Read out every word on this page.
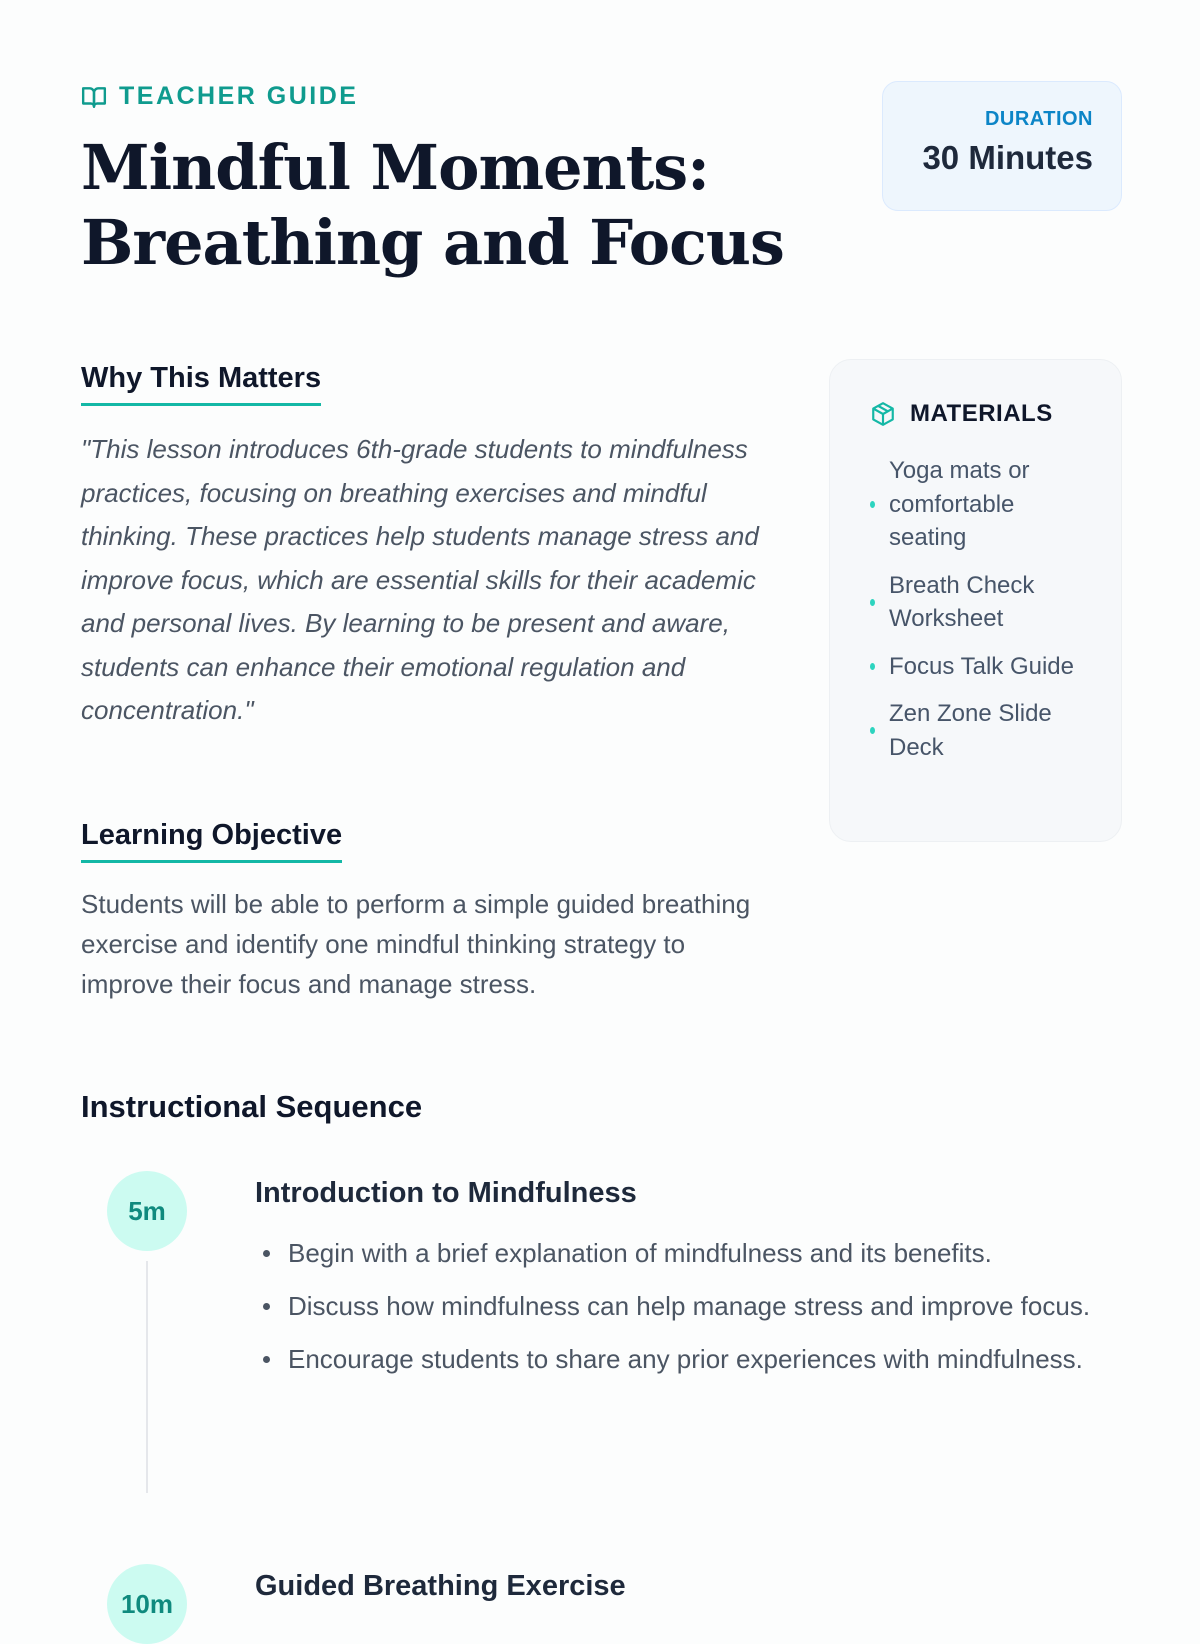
TEACHER GUIDE
Mindful Moments:
Breathing and Focus
DURATION
30 Minutes
Why This Matters

"This lesson introduces 6th-grade students to mindfulness practices, focusing on breathing exercises and mindful thinking. These practices help students manage stress and improve focus, which are essential skills for their academic and personal lives. By learning to be present and aware, students can enhance their emotional regulation and concentration."

Learning Objective

Students will be able to perform a simple guided breathing exercise and identify one mindful thinking strategy to improve their focus and manage stress.

MATERIALS
Yoga mats or comfortable seating
Breath Check Worksheet
Focus Talk Guide
Zen Zone Slide Deck
Instructional Sequence
5m
Introduction to Mindfulness
Begin with a brief explanation of mindfulness and its benefits.
Discuss how mindfulness can help manage stress and improve focus.
Encourage students to share any prior experiences with mindfulness.
10m
Guided Breathing Exercise
